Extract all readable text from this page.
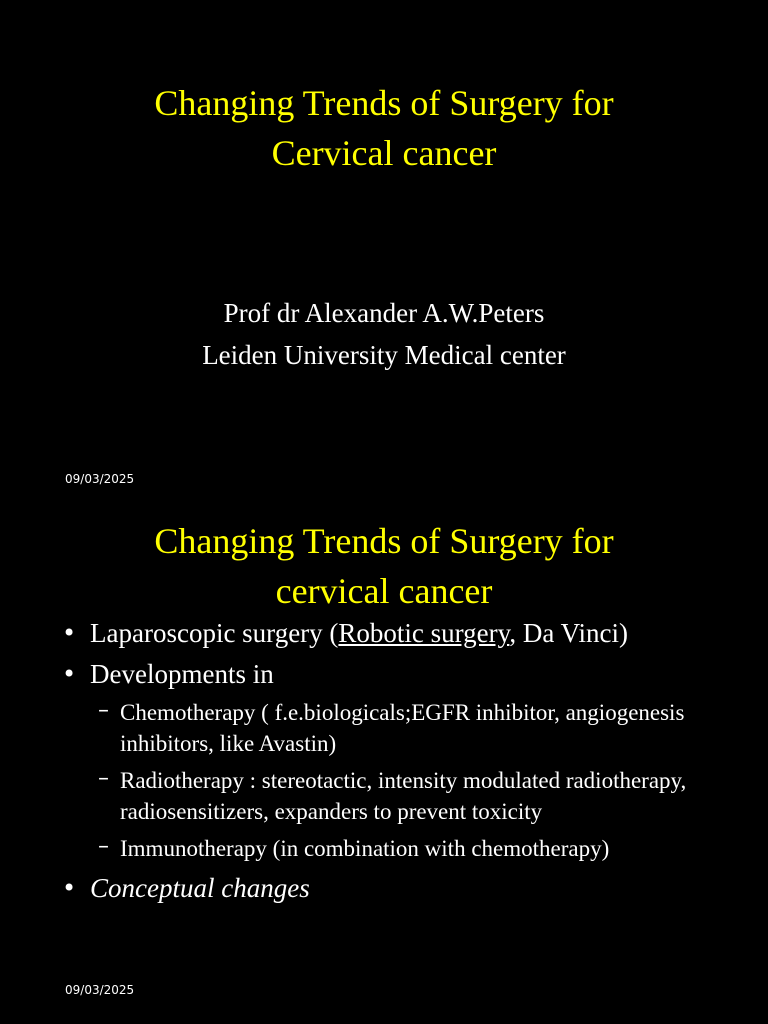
Changing Trends of Surgery for
Cervical cancer
Prof dr Alexander A.W.Peters
Leiden University Medical center
09/03/2025
Changing Trends of Surgery for
cervical cancer
• Laparoscopic surgery (Robotic surgery, Da Vinci)
• Developments in
– Chemotherapy ( f.e.biologicals;EGFR inhibitor, angiogenesis inhibitors, like Avastin)
– Radiotherapy : stereotactic, intensity modulated radiotherapy, radiosensitizers, expanders to prevent toxicity
– Immunotherapy (in combination with chemotherapy)
• Conceptual changes
09/03/2025
